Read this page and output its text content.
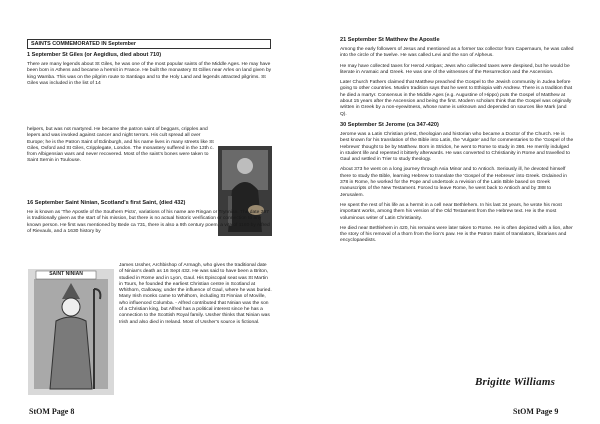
SAINTS COMMEMORATED IN September
1 September St Giles (or Aegidius, died about 710)

There are many legends about St Giles, he was one of the most popular saints of the Middle Ages. He may have been born in Athens and became a hermit in France. He built the monastery St Gilles near Arles on land given by king Wamba. This was on the pilgrim route to Santiago and to the Holy Land and legends attracted pilgrims. St Giles was included in the list of 14

helpers, but was not martyred. He became the patron saint of beggars, cripples and lepers and was invoked against cancer and night terrors. His cult spread all over Europe; he is the Patron Saint of Edinburgh, and his name lives in many streets like St Giles, Oxford and St Giles, Cripplegate, London. The monastery suffered in the 13th c. from Albigensian wars and never recovered. Most of the saint's bones were taken to Saint Sernin in Toulouse.

16 September Saint Ninian, Scotland's first Saint, (died 432)

He is known as 'The Apostle of the Southern Picts', variations of his name are Ringan or Trynnian. The date 397 is traditionally given as the start of his mission, but there is no actual historic verification or connection to any known person. He first was mentioned by Bede ca 731, there is also a 9th century poem, a vita of 1160 by Alfred of Rievaulx, and a 1630 history by

SAINT NINIAN

James Ussher, Archbishop of Armagh, who gives the traditional date of Ninian's death as 16 Sept 432. He was said to have been a Briton, studied in Rome and in Lyon, Gaul. His Episcopal seat was St Martin in Tours, he founded the earliest Christian centre in Scotland at Whithorn, Galloway, under the influence of Gaul, where he was buried. Many Irish monks came to Whithorn, including St Finnian of Moville, who influenced Columba. - Alfred contributed that Ninian was the son of a Christian king, but Alfred has a political interest since he has a connection to the Scottish Royal family. Ussher thinks that Ninian was Irish and also died in Ireland. Most of Ussher's source is fictional.

StOM Page 8
21 September St Matthew the Apostle

Among the early followers of Jesus and mentioned as a former tax collector from Capernaum, he was called into the circle of the twelve. He was called Levi and the son of Alpheus.

He may have collected taxes for Herod Antipas; Jews who collected taxes were despised, but he would be literate in Aramaic and Greek. He was one of the witnesses of the Resurrection and the Ascension.

Later Church Fathers claimed that Matthew preached the Gospel to the Jewish community in Judea before going to other countries. Muslim tradition says that he went to Ethiopia with Andrew. There is a tradition that he died a martyr. Consensus in the Middle Ages (e.g. Augustine of Hippo) puts the Gospel of Matthew at about 15 years after the Ascension and being the first. Modern scholars think that the Gospel was originally written in Greek by a non-eyewitness, whose name is unknown and depended on sources like Mark (and Q).

30 September St Jerome (ca 347-420)

Jerome was a Latin Christian priest, theologian and historian who became a Doctor of the Church. He is best known for his translation of the Bible into Latin, the 'Vulgate' and for commentaries to the 'Gospel of the Hebrews' thought to be by Matthew. Born in Stridon, he went to Rome to study in 366. He merrily indulged in student life and repented it bitterly afterwards. He was converted to Christianity in Rome and travelled to Gaul and settled in Trier to study theology.

About 373 he went on a long journey through Asia Minor and to Antioch. Seriously ill, he devoted himself there to study the Bible, learning Hebrew to translate the 'Gospel of the Hebrews' into Greek. Ordained in 378 in Rome, he worked for the Pope and undertook a revision of the Latin Bible based on Greek manuscripts of the New Testament. Forced to leave Rome, he went back to Antioch and by 388 to Jerusalem.

He spent the rest of his life as a hermit in a cell near Bethlehem. In his last 34 years, he wrote his most important works, among them his version of the Old Testament from the Hebrew text. He is the most voluminous writer of Latin Christianity.

He died near Bethlehem in 420, his remains were later taken to Rome. He is often depicted with a lion, after the story of his removal of a thorn from the lion's paw. He is the Patron Saint of translators, librarians and encyclopaedists.

Brigitte Williams
StOM Page 9
